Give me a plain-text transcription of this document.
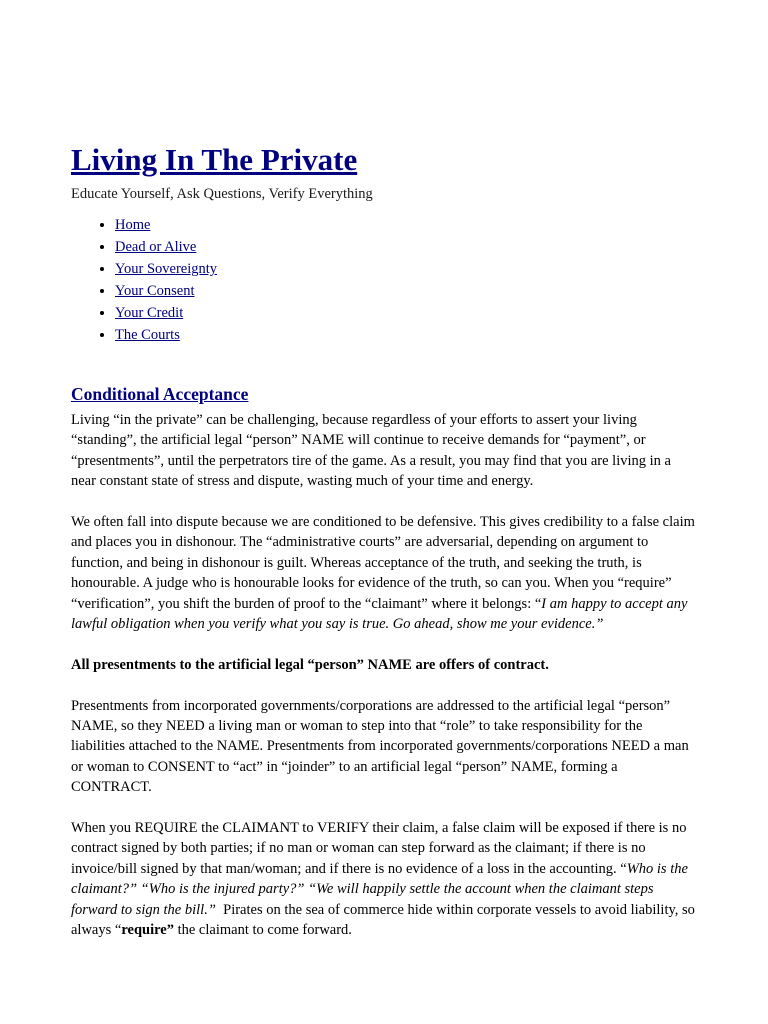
Living In The Private

Educate Yourself, Ask Questions, Verify Everything

• Home
• Dead or Alive
• Your Sovereignty
• Your Consent
• Your Credit
• The Courts
Conditional Acceptance

Living “in the private” can be challenging, because regardless of your efforts to assert your living “standing”, the artificial legal “person” NAME will continue to receive demands for “payment”, or “presentments”, until the perpetrators tire of the game. As a result, you may find that you are living in a near constant state of stress and dispute, wasting much of your time and energy.

We often fall into dispute because we are conditioned to be defensive. This gives credibility to a false claim and places you in dishonour. The “administrative courts” are adversarial, depending on argument to function, and being in dishonour is guilt. Whereas acceptance of the truth, and seeking the truth, is honourable. A judge who is honourable looks for evidence of the truth, so can you. When you “require” “verification”, you shift the burden of proof to the “claimant” where it belongs: “I am happy to accept any lawful obligation when you verify what you say is true. Go ahead, show me your evidence.”

All presentments to the artificial legal “person” NAME are offers of contract.

Presentments from incorporated governments/corporations are addressed to the artificial legal “person” NAME, so they NEED a living man or woman to step into that “role” to take responsibility for the liabilities attached to the NAME. Presentments from incorporated governments/corporations NEED a man or woman to CONSENT to “act” in “joinder” to an artificial legal “person” NAME, forming a CONTRACT.

When you REQUIRE the CLAIMANT to VERIFY their claim, a false claim will be exposed if there is no contract signed by both parties; if no man or woman can step forward as the claimant; if there is no invoice/bill signed by that man/woman; and if there is no evidence of a loss in the accounting. “Who is the claimant?” “Who is the injured party?” “We will happily settle the account when the claimant steps forward to sign the bill.”  Pirates on the sea of commerce hide within corporate vessels to avoid liability, so always “require” the claimant to come forward.
